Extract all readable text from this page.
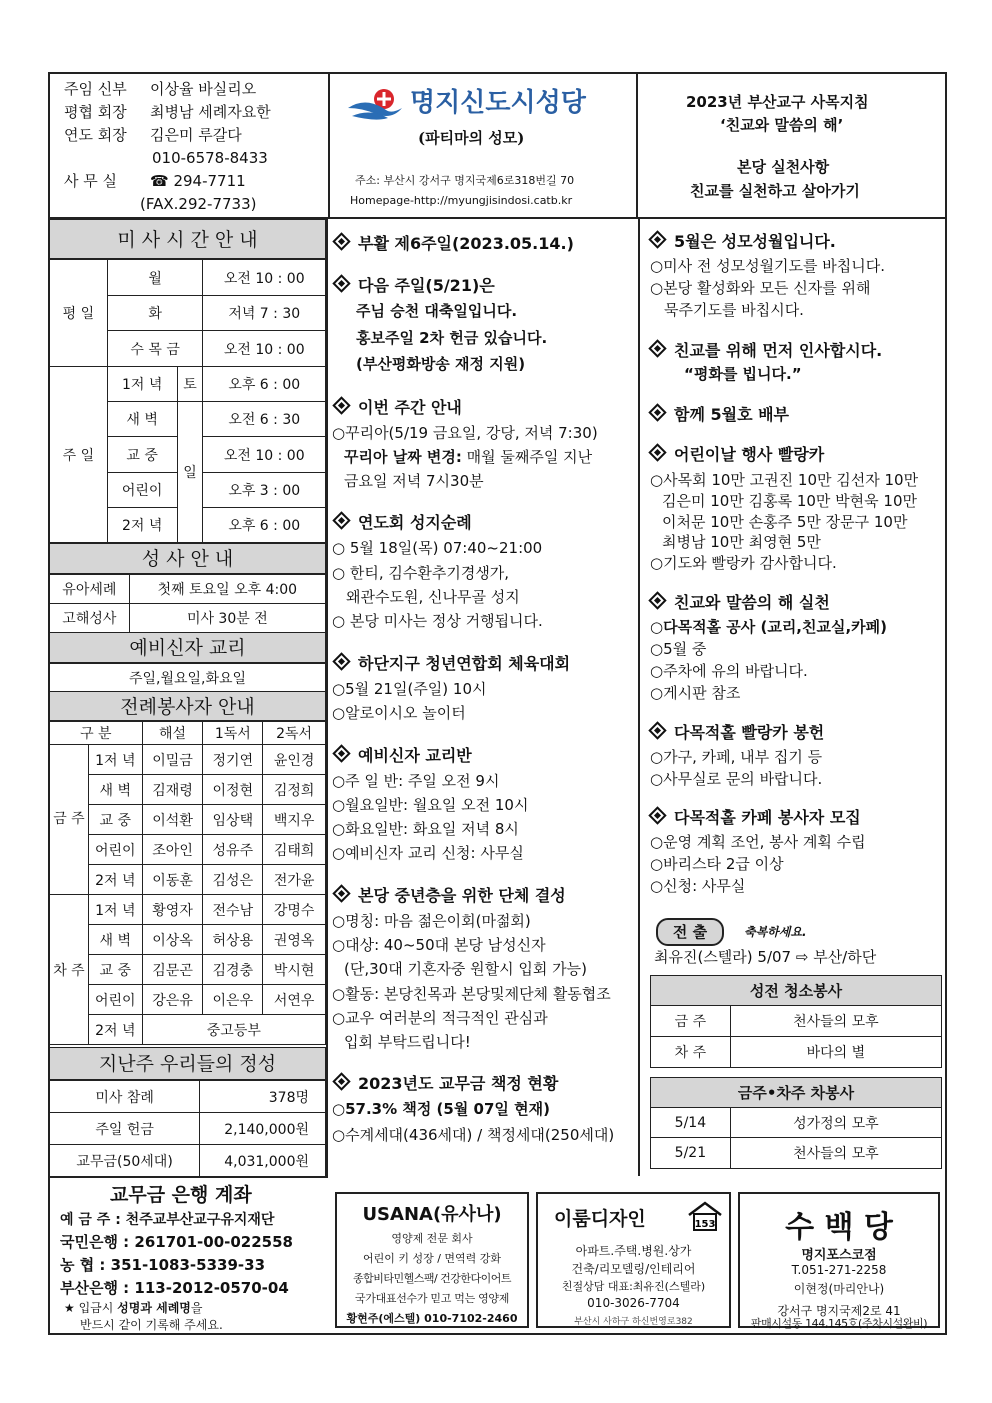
주임 신부 이상율 바실리오
평협 회장 최병남 세례자요한
연도 회장 김은미 루갈다
010-6578-8433
사 무 실 ☎ 294-7711
(FAX.292-7733)
명지신도시성당
(파티마의 성모)
주소: 부산시 강서구 명지국제6로318번길 70
Homepage-http://myungjisindosi.catb.kr
2023년 부산교구 사목지침
‘친교와 말씀의 해’
본당 실천사항
친교를 실천하고 살아가기
미 사 시 간 안 내
평 일	월		오전 10 : 00
	화		저녁 7 : 30
	수 목 금		오전 10 : 00
주 일	1저 녁	토	오후 6 : 00
	새 벽	일	오전 6 : 30
	교 중		오전 10 : 00
	어린이		오후 3 : 00
	2저 녁		오후 6 : 00
성 사 안 내
유아세례	첫째 토요일 오후 4:00
고해성사	미사 30분 전
예비신자 교리
주일,월요일,화요일
전례봉사자 안내
구 분		해설	1독서	2독서
금 주	1저 녁	이밀금	정기연	윤인경
	새 벽	김재령	이정현	김정희
	교 중	이석환	임상택	백지우
	어린이	조아인	성유주	김태희
	2저 녁	이동훈	김성은	전가윤
차 주	1저 녁	황영자	전수남	강명수
	새 벽	이상옥	허상용	권영옥
	교 중	김문곤	김경충	박시현
	어린이	강은유	이은우	서연우
	2저 녁	중고등부		
지난주 우리들의 정성
미사 참례	378명
주일 헌금	2,140,000원
교무금(50세대)	4,031,000원
교무금 은행 계좌
예 금 주 : 천주교부산교구유지재단
국민은행 : 261701-00-022558
농 협 : 351-1083-5339-33
부산은행 : 113-2012-0570-04
★ 입금시 성명과 세례명을
반드시 같이 기록해 주세요.
부활 제6주일(2023.05.14.)
다음 주일(5/21)은
주님 승천 대축일입니다.
홍보주일 2차 헌금 있습니다.
(부산평화방송 재정 지원)
이번 주간 안내
○꾸리아(5/19 금요일, 강당, 저녁 7:30)
꾸리아 날짜 변경: 매월 둘째주일 지난
금요일 저녁 7시30분
연도회 성지순례
○ 5월 18일(목) 07:40~21:00
○ 한티, 김수환추기경생가,
왜관수도원, 신나무골 성지
○ 본당 미사는 정상 거행됩니다.
하단지구 청년연합회 체육대회
○5월 21일(주일) 10시
○알로이시오 놀이터
예비신자 교리반
○주 일 반: 주일 오전 9시
○월요일반: 월요일 오전 10시
○화요일반: 화요일 저녁 8시
○예비신자 교리 신청: 사무실
본당 중년층을 위한 단체 결성
○명칭: 마음 젊은이회(마젊회)
○대상: 40~50대 본당 남성신자
(단,30대 기혼자중 원할시 입회 가능)
○활동: 본당친목과 본당및제단체 활동협조
○교우 여러분의 적극적인 관심과
입회 부탁드립니다!
2023년도 교무금 책정 현황
○57.3% 책정 (5월 07일 현재)
○수계세대(436세대) / 책정세대(250세대)
5월은 성모성월입니다.
○미사 전 성모성월기도를 바칩니다.
○본당 활성화와 모든 신자를 위해
묵주기도를 바칩시다.
친교를 위해 먼저 인사합시다.
“평화를 빕니다.”
함께 5월호 배부
어린이날 행사 빨랑카
○사목회 10만 고권진 10만 김선자 10만
김은미 10만 김홍록 10만 박현욱 10만
이처문 10만 손홍주 5만 장문구 10만
최병남 10만 최영현 5만
○기도와 빨랑카 감사합니다.
친교와 말씀의 해 실천
○다목적홀 공사 (교리,친교실,카페)
○5월 중
○주차에 유의 바랍니다.
○게시판 참조
다목적홀 빨랑카 봉헌
○가구, 카페, 내부 집기 등
○사무실로 문의 바랍니다.
다목적홀 카페 봉사자 모집
○운영 계획 조언, 봉사 계획 수립
○바리스타 2급 이상
○신청: 사무실
전 출	축복하세요.
최유진(스텔라) 5/07 ⇨ 부산/하단
성전 청소봉사	
금 주	천사들의 모후
차 주	바다의 별
금주•차주 차봉사	
5/14	성가정의 모후
5/21	천사들의 모후
USANA(유사나)
영양제 전문 회사
어린이 키 성장 / 면역력 강화
종합비타민헬스팩/ 건강한다이어트
국가대표선수가 믿고 먹는 영양제
황현주(에스텔) 010-7102-2460
이룸디자인	153
아파트.주택.병원.상가
건축/리모델링/인테리어
친절상담 대표:최유진(스텔라)
010-3026-7704
부산시 사하구 하신번영로382
수 백 당
명지포스코점
T.051-271-2258
이현정(마리안나)
강서구 명지국제2로 41
판매시설동 144,145호(주차시설완비)
